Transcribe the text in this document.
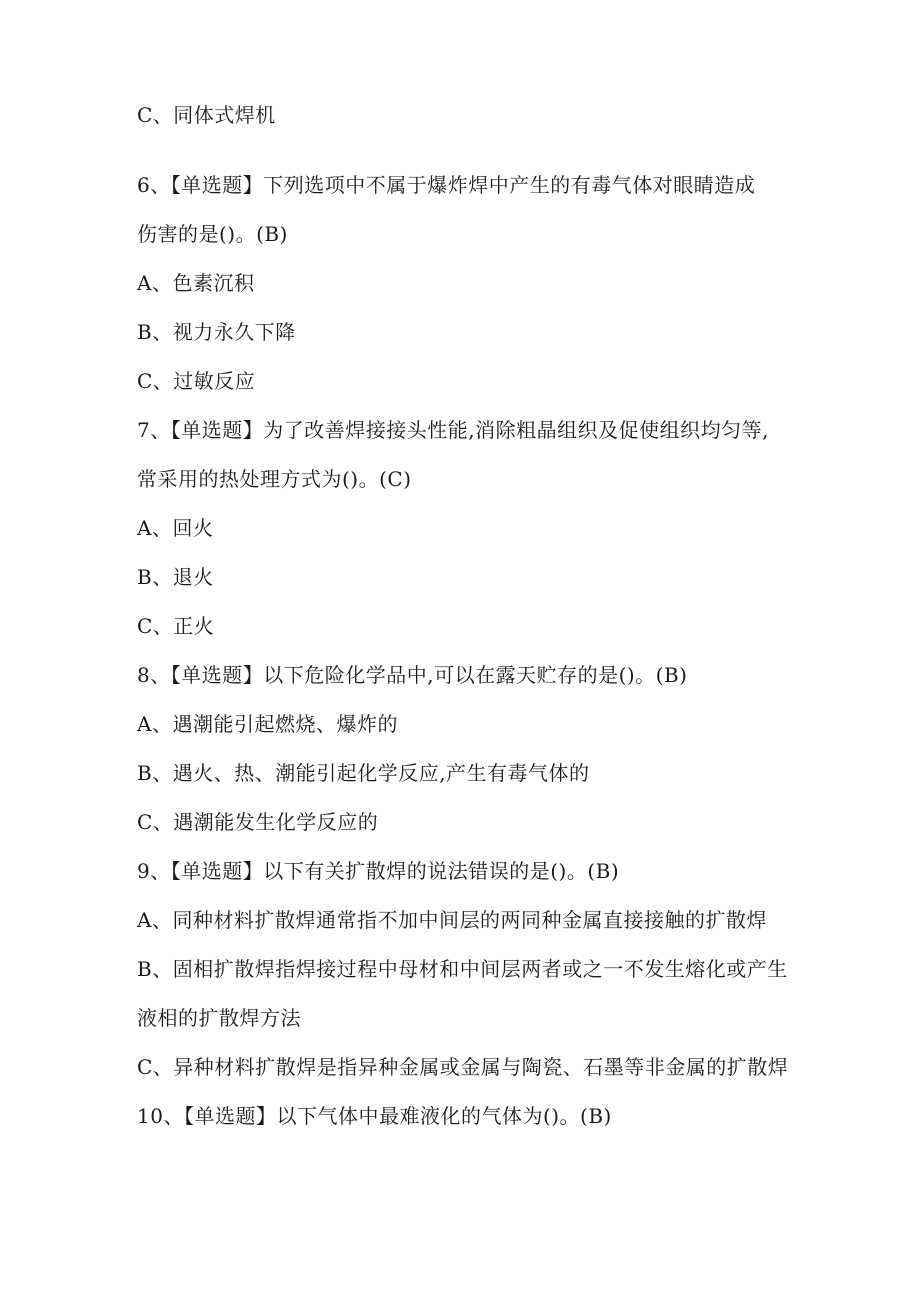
C、同体式焊机

6、【单选题】下列选项中不属于爆炸焊中产生的有毒气体对眼睛造成

伤害的是()。(B)

A、色素沉积

B、视力永久下降

C、过敏反应

7、【单选题】为了改善焊接接头性能,消除粗晶组织及促使组织均匀等,

常采用的热处理方式为()。(C)

A、回火

B、退火

C、正火

8、【单选题】以下危险化学品中,可以在露天贮存的是()。(B)

A、遇潮能引起燃烧、爆炸的

B、遇火、热、潮能引起化学反应,产生有毒气体的

C、遇潮能发生化学反应的

9、【单选题】以下有关扩散焊的说法错误的是()。(B)

A、同种材料扩散焊通常指不加中间层的两同种金属直接接触的扩散焊

B、固相扩散焊指焊接过程中母材和中间层两者或之一不发生熔化或产生

液相的扩散焊方法

C、异种材料扩散焊是指异种金属或金属与陶瓷、石墨等非金属的扩散焊

10、【单选题】以下气体中最难液化的气体为()。(B)
